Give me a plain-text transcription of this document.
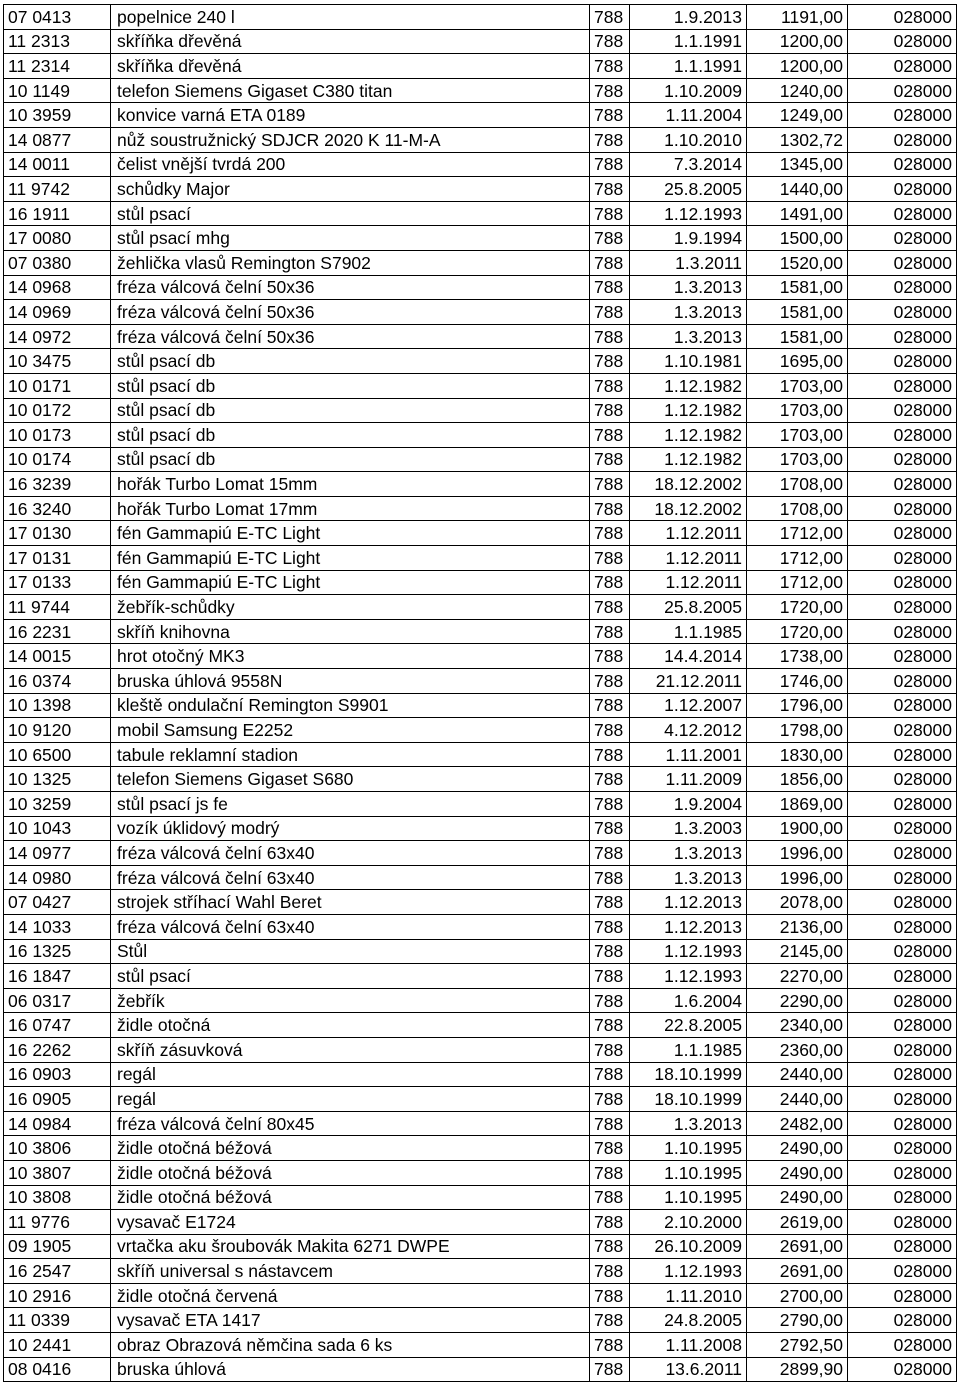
07 0413	popelnice 240 l	788	1.9.2013	1191,00	028000
11 2313	skříňka dřevěná	788	1.1.1991	1200,00	028000
11 2314	skříňka dřevěná	788	1.1.1991	1200,00	028000
10 1149	telefon Siemens Gigaset C380 titan	788	1.10.2009	1240,00	028000
10 3959	konvice varná ETA 0189	788	1.11.2004	1249,00	028000
14 0877	nůž soustružnický SDJCR 2020 K 11-M-A	788	1.10.2010	1302,72	028000
14 0011	čelist vnější tvrdá 200	788	7.3.2014	1345,00	028000
11 9742	schůdky Major	788	25.8.2005	1440,00	028000
16 1911	stůl psací	788	1.12.1993	1491,00	028000
17 0080	stůl psací mhg	788	1.9.1994	1500,00	028000
07 0380	žehlička vlasů Remington S7902	788	1.3.2011	1520,00	028000
14 0968	fréza válcová čelní 50x36	788	1.3.2013	1581,00	028000
14 0969	fréza válcová čelní 50x36	788	1.3.2013	1581,00	028000
14 0972	fréza válcová čelní 50x36	788	1.3.2013	1581,00	028000
10 3475	stůl psací db	788	1.10.1981	1695,00	028000
10 0171	stůl psací db	788	1.12.1982	1703,00	028000
10 0172	stůl psací db	788	1.12.1982	1703,00	028000
10 0173	stůl psací db	788	1.12.1982	1703,00	028000
10 0174	stůl psací db	788	1.12.1982	1703,00	028000
16 3239	hořák Turbo Lomat 15mm	788	18.12.2002	1708,00	028000
16 3240	hořák Turbo Lomat 17mm	788	18.12.2002	1708,00	028000
17 0130	fén Gammapiú E-TC Light	788	1.12.2011	1712,00	028000
17 0131	fén Gammapiú E-TC Light	788	1.12.2011	1712,00	028000
17 0133	fén Gammapiú E-TC Light	788	1.12.2011	1712,00	028000
11 9744	žebřík-schůdky	788	25.8.2005	1720,00	028000
16 2231	skříň knihovna	788	1.1.1985	1720,00	028000
14 0015	hrot otočný MK3	788	14.4.2014	1738,00	028000
16 0374	bruska úhlová 9558N	788	21.12.2011	1746,00	028000
10 1398	kleště ondulační Remington S9901	788	1.12.2007	1796,00	028000
10 9120	mobil Samsung E2252	788	4.12.2012	1798,00	028000
10 6500	tabule reklamní stadion	788	1.11.2001	1830,00	028000
10 1325	telefon Siemens Gigaset S680	788	1.11.2009	1856,00	028000
10 3259	stůl psací js fe	788	1.9.2004	1869,00	028000
10 1043	vozík úklidový modrý	788	1.3.2003	1900,00	028000
14 0977	fréza válcová čelní 63x40	788	1.3.2013	1996,00	028000
14 0980	fréza válcová čelní 63x40	788	1.3.2013	1996,00	028000
07 0427	strojek stříhací Wahl Beret	788	1.12.2013	2078,00	028000
14 1033	fréza válcová čelní 63x40	788	1.12.2013	2136,00	028000
16 1325	Stůl	788	1.12.1993	2145,00	028000
16 1847	stůl psací	788	1.12.1993	2270,00	028000
06 0317	žebřík	788	1.6.2004	2290,00	028000
16 0747	židle otočná	788	22.8.2005	2340,00	028000
16 2262	skříň zásuvková	788	1.1.1985	2360,00	028000
16 0903	regál	788	18.10.1999	2440,00	028000
16 0905	regál	788	18.10.1999	2440,00	028000
14 0984	fréza válcová čelní 80x45	788	1.3.2013	2482,00	028000
10 3806	židle otočná béžová	788	1.10.1995	2490,00	028000
10 3807	židle otočná béžová	788	1.10.1995	2490,00	028000
10 3808	židle otočná béžová	788	1.10.1995	2490,00	028000
11 9776	vysavač E1724	788	2.10.2000	2619,00	028000
09 1905	vrtačka aku šroubovák Makita 6271 DWPE	788	26.10.2009	2691,00	028000
16 2547	skříň universal s nástavcem	788	1.12.1993	2691,00	028000
10 2916	židle otočná červená	788	1.11.2010	2700,00	028000
11 0339	vysavač ETA 1417	788	24.8.2005	2790,00	028000
10 2441	obraz Obrazová němčina sada 6 ks	788	1.11.2008	2792,50	028000
08 0416	bruska úhlová	788	13.6.2011	2899,90	028000
